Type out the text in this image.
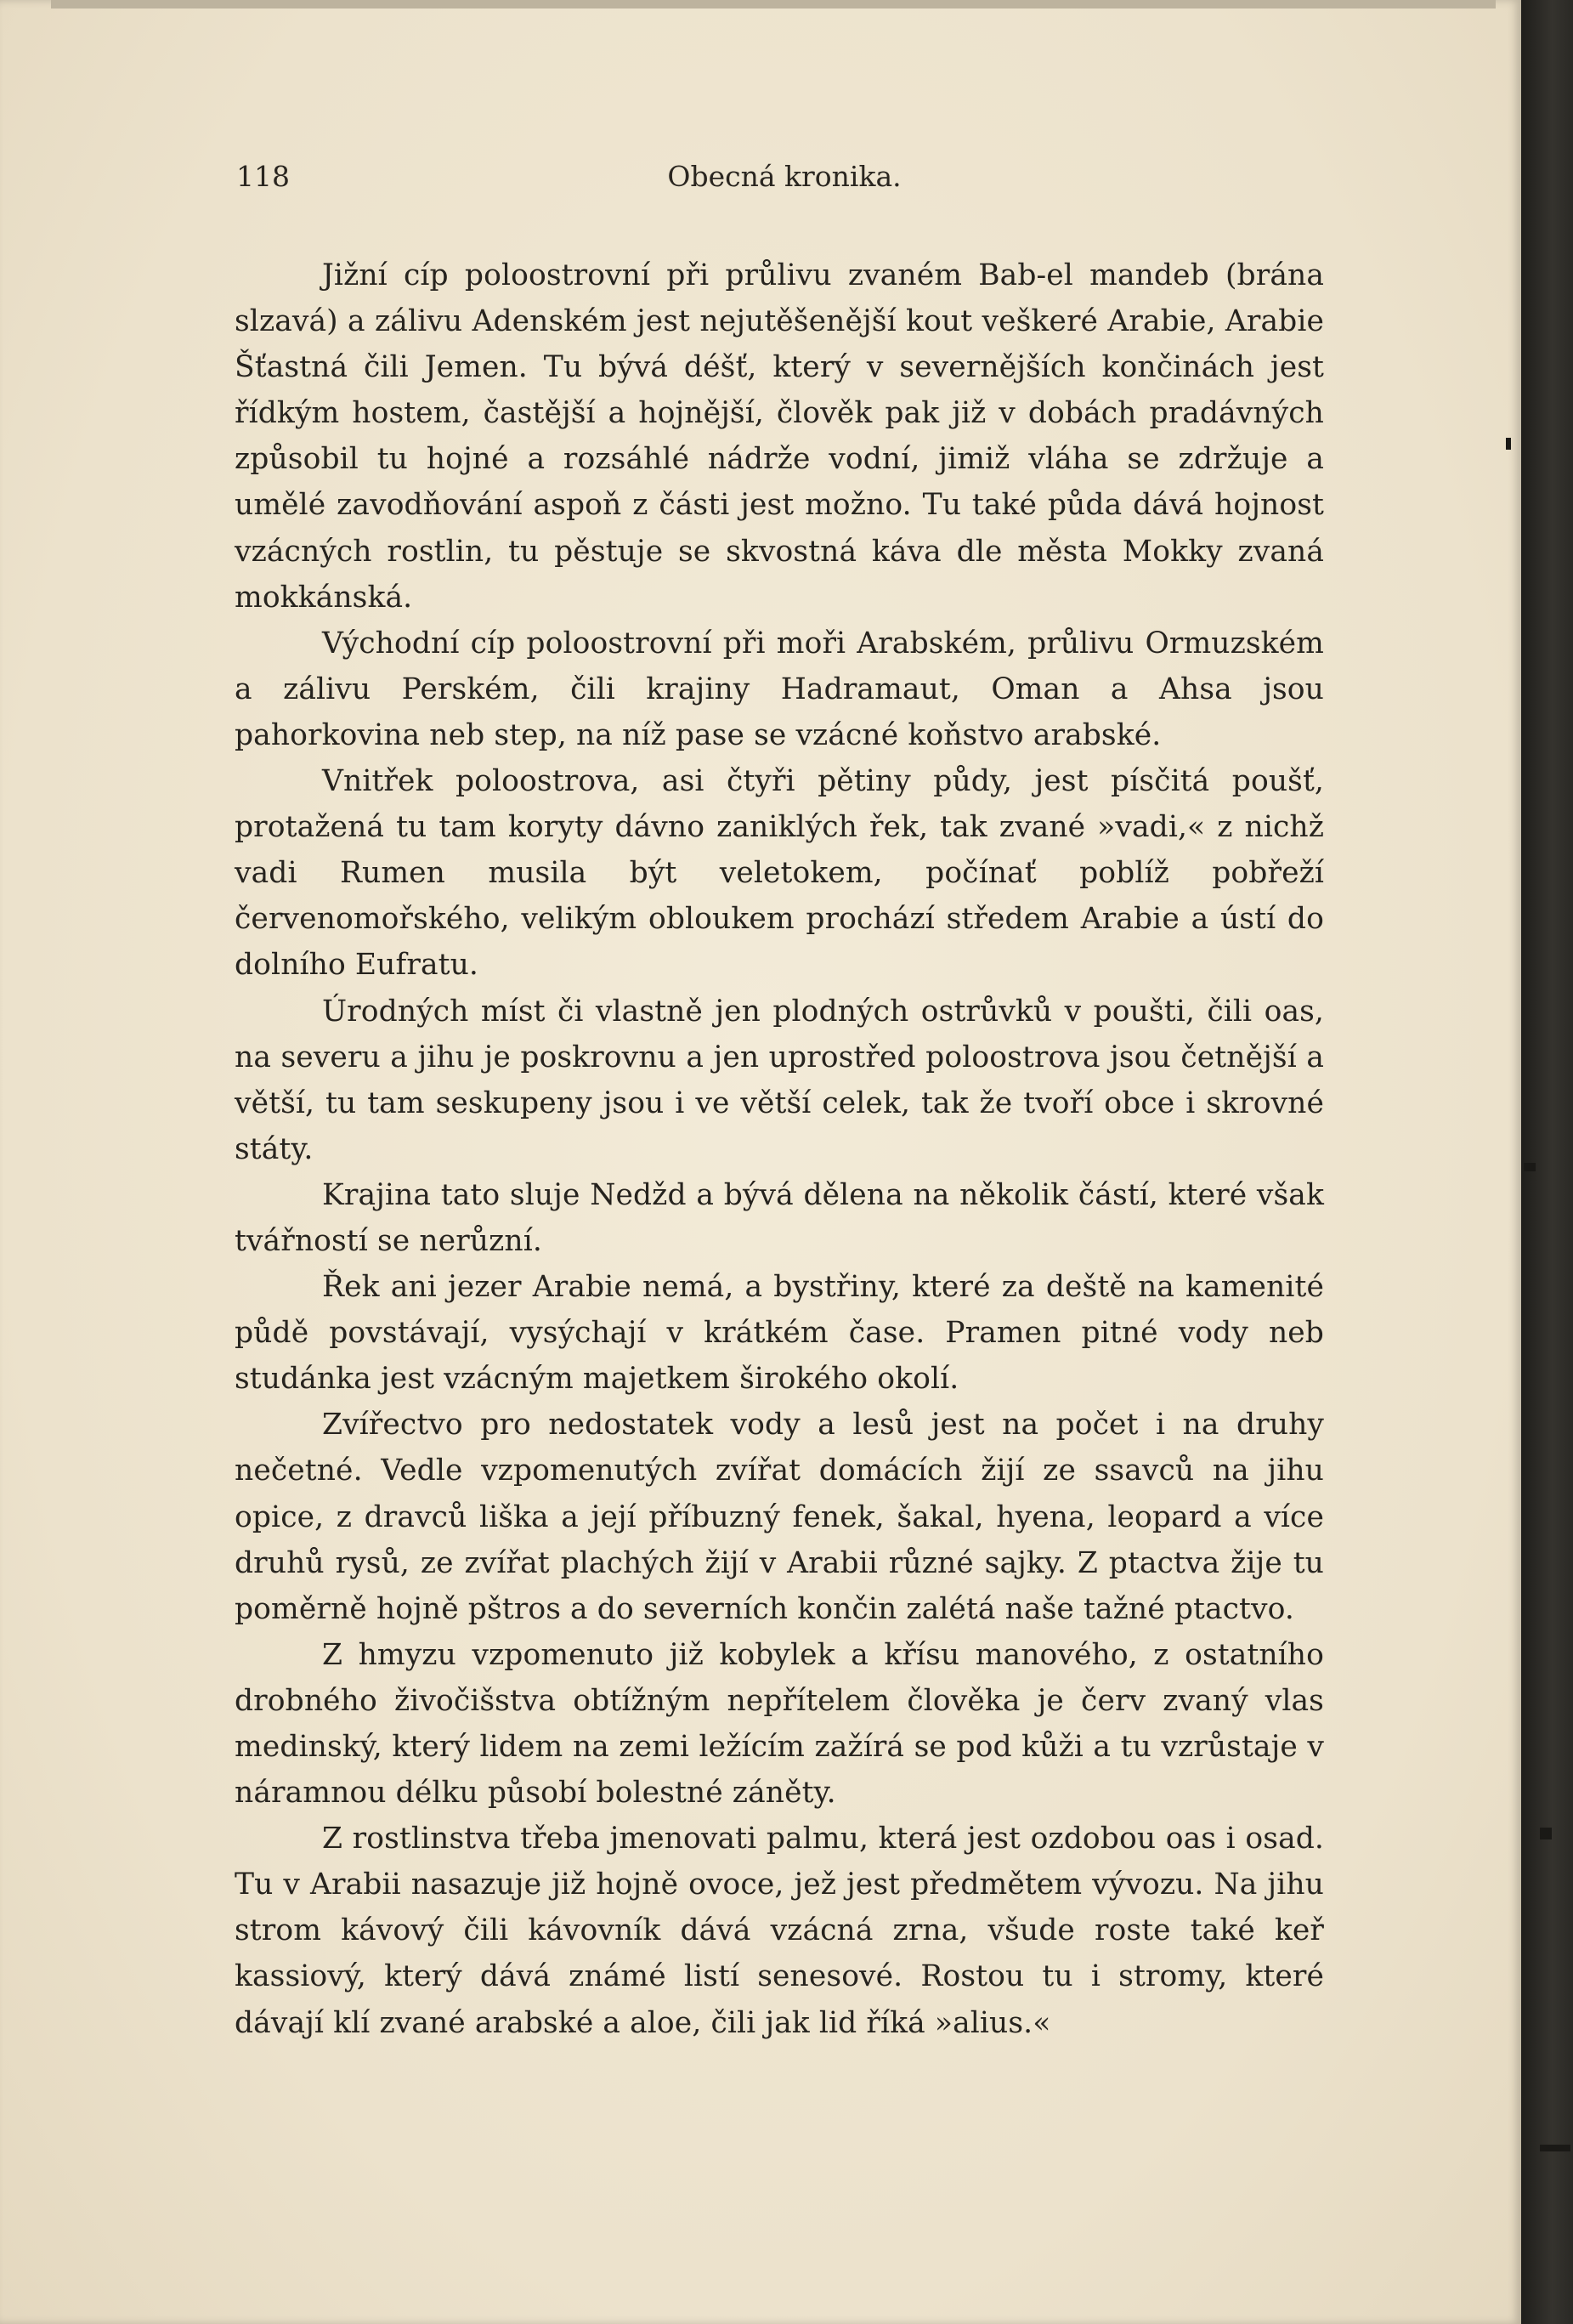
118	Obecná kronika.

Jižní cíp poloostrovní při průlivu zvaném Bab-el mandeb (brána slzavá) a zálivu Adenském jest nejutěšenější kout veškeré Arabie, Arabie Šťastná čili Jemen. Tu bývá déšť, který v severnějších končinách jest řídkým hostem, častější a hojnější, člověk pak již v dobách pradávných způsobil tu hojné a rozsáhlé nádrže vodní, jimiž vláha se zdržuje a umělé zavodňování aspoň z části jest možno. Tu také půda dává hojnost vzácných rostlin, tu pěstuje se skvostná káva dle města Mokky zvaná mokkánská.

Východní cíp poloostrovní při moři Arabském, průlivu Ormuzském a zálivu Perském, čili krajiny Hadramaut, Oman a Ahsa jsou pahorkovina neb step, na níž pase se vzácné koňstvo arabské.

Vnitřek poloostrova, asi čtyři pětiny půdy, jest písčitá poušť, protažená tu tam koryty dávno zaniklých řek, tak zvané »vadi,« z nichž vadi Rumen musila být veletokem, počínať poblíž pobřeží červenomořského, velikým obloukem prochází středem Arabie a ústí do dolního Eufratu.

Úrodných míst či vlastně jen plodných ostrůvků v poušti, čili oas, na severu a jihu je poskrovnu a jen uprostřed poloostrova jsou četnější a větší, tu tam seskupeny jsou i ve větší celek, tak že tvoří obce i skrovné státy.

Krajina tato sluje Nedžd a bývá dělena na několik částí, které však tvářností se nerůzní.

Řek ani jezer Arabie nemá, a bystřiny, které za deště na kamenité půdě povstávají, vysýchají v krátkém čase. Pramen pitné vody neb studánka jest vzácným majetkem širokého okolí.

Zvířectvo pro nedostatek vody a lesů jest na počet i na druhy nečetné. Vedle vzpomenutých zvířat domácích žijí ze ssavců na jihu opice, z dravců liška a její příbuzný fenek, šakal, hyena, leopard a více druhů rysů, ze zvířat plachých žijí v Arabii různé sajky. Z ptactva žije tu poměrně hojně pštros a do severních končin zalétá naše tažné ptactvo.

Z hmyzu vzpomenuto již kobylek a křísu manového, z ostatního drobného živočišstva obtížným nepřítelem člověka je červ zvaný vlas medinský, který lidem na zemi ležícím zažírá se pod kůži a tu vzrůstaje v náramnou délku působí bolestné záněty.

Z rostlinstva třeba jmenovati palmu, která jest ozdobou oas i osad. Tu v Arabii nasazuje již hojně ovoce, jež jest předmětem vývozu. Na jihu strom kávový čili kávovník dává vzácná zrna, všude roste také keř kassiový, který dává známé listí senesové. Rostou tu i stromy, které dávají klí zvané arabské a aloe, čili jak lid říká »alius.«
